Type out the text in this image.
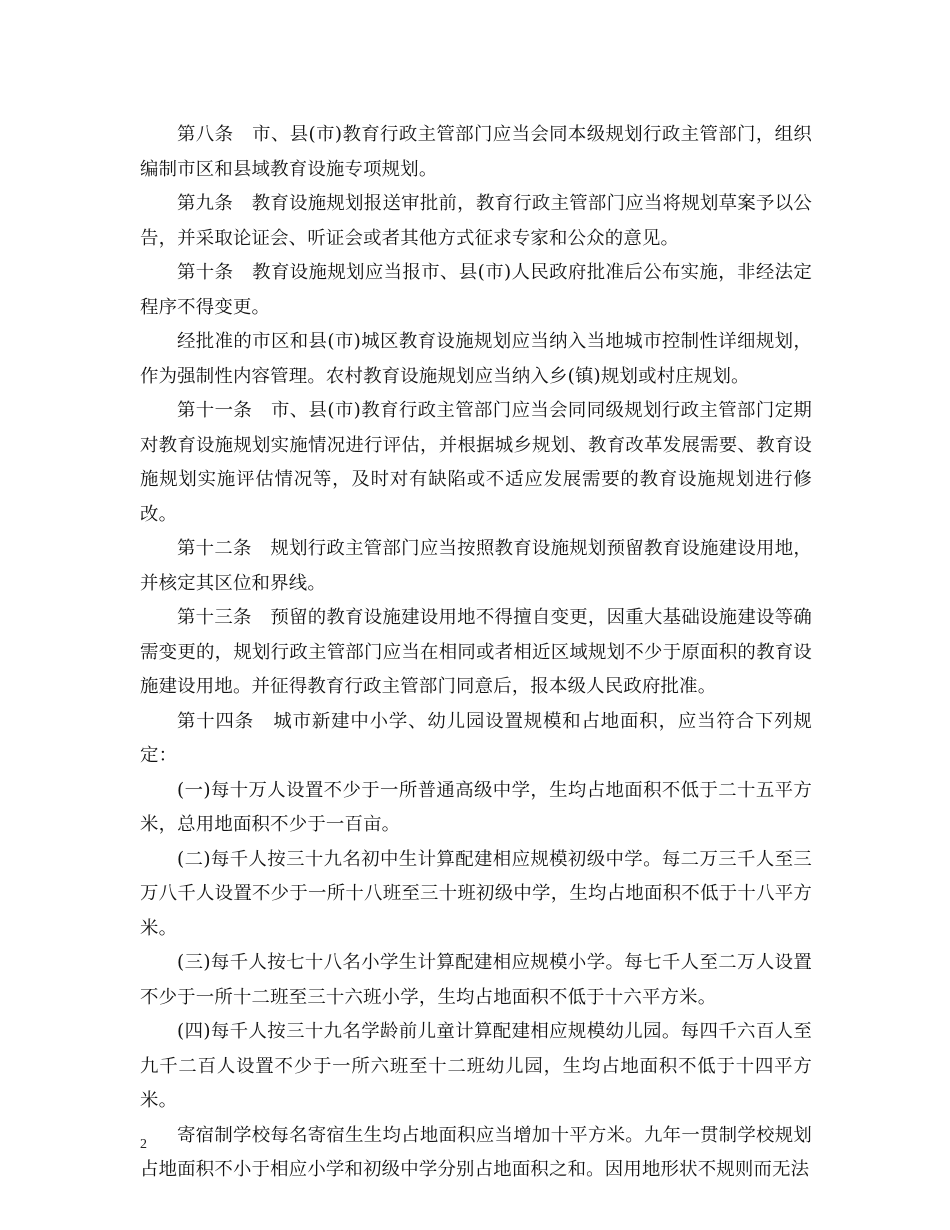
第八条　市、县(市)教育行政主管部门应当会同本级规划行政主管部门，组织编制市区和县域教育设施专项规划。

第九条　教育设施规划报送审批前，教育行政主管部门应当将规划草案予以公告，并采取论证会、听证会或者其他方式征求专家和公众的意见。

第十条　教育设施规划应当报市、县(市)人民政府批准后公布实施，非经法定程序不得变更。

经批准的市区和县(市)城区教育设施规划应当纳入当地城市控制性详细规划，作为强制性内容管理。农村教育设施规划应当纳入乡(镇)规划或村庄规划。

第十一条　市、县(市)教育行政主管部门应当会同同级规划行政主管部门定期对教育设施规划实施情况进行评估，并根据城乡规划、教育改革发展需要、教育设施规划实施评估情况等，及时对有缺陷或不适应发展需要的教育设施规划进行修改。

第十二条　规划行政主管部门应当按照教育设施规划预留教育设施建设用地，并核定其区位和界线。

第十三条　预留的教育设施建设用地不得擅自变更，因重大基础设施建设等确需变更的，规划行政主管部门应当在相同或者相近区域规划不少于原面积的教育设施建设用地。并征得教育行政主管部门同意后，报本级人民政府批准。

第十四条　城市新建中小学、幼儿园设置规模和占地面积，应当符合下列规定：

(一)每十万人设置不少于一所普通高级中学，生均占地面积不低于二十五平方米，总用地面积不少于一百亩。

(二)每千人按三十九名初中生计算配建相应规模初级中学。每二万三千人至三万八千人设置不少于一所十八班至三十班初级中学，生均占地面积不低于十八平方米。

(三)每千人按七十八名小学生计算配建相应规模小学。每七千人至二万人设置不少于一所十二班至三十六班小学，生均占地面积不低于十六平方米。

(四)每千人按三十九名学龄前儿童计算配建相应规模幼儿园。每四千六百人至九千二百人设置不少于一所六班至十二班幼儿园，生均占地面积不低于十四平方米。

寄宿制学校每名寄宿生生均占地面积应当增加十平方米。九年一贯制学校规划占地面积不小于相应小学和初级中学分别占地面积之和。因用地形状不规则而无法

2
